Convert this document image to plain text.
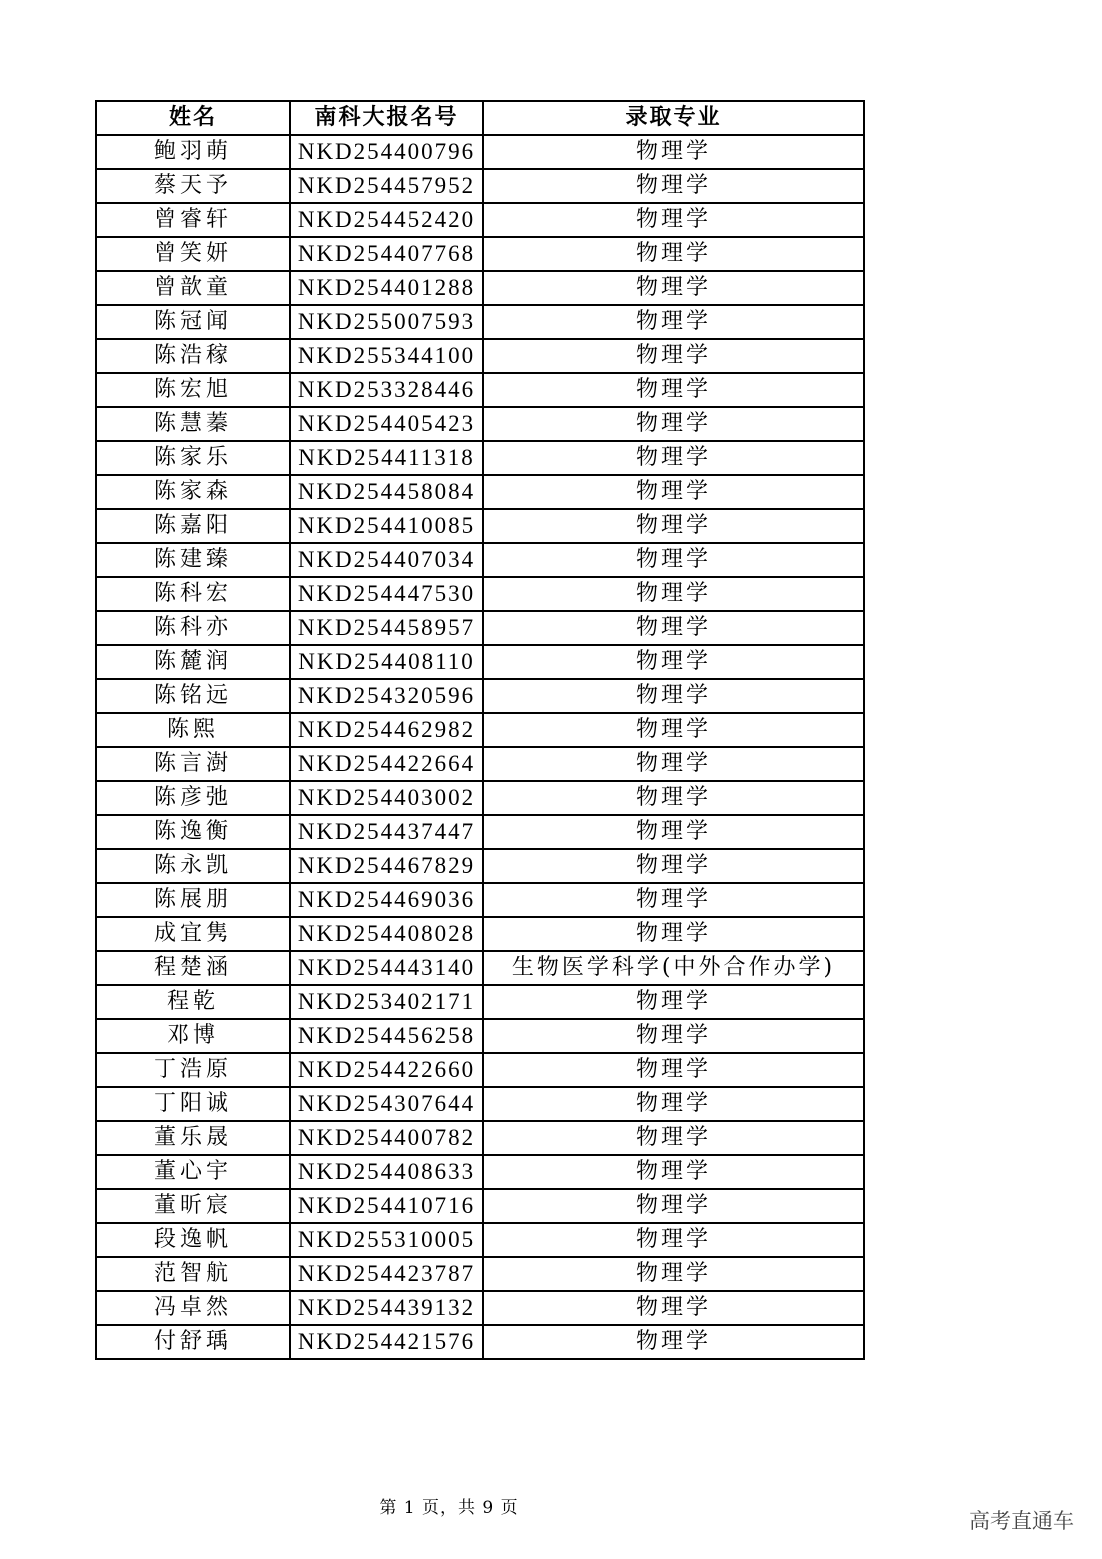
姓名	南科大报名号	录取专业
鲍羽萌	NKD254400796	物理学
蔡天予	NKD254457952	物理学
曾睿轩	NKD254452420	物理学
曾笑妍	NKD254407768	物理学
曾歆童	NKD254401288	物理学
陈冠闻	NKD255007593	物理学
陈浩稼	NKD255344100	物理学
陈宏旭	NKD253328446	物理学
陈慧蓁	NKD254405423	物理学
陈家乐	NKD254411318	物理学
陈家森	NKD254458084	物理学
陈嘉阳	NKD254410085	物理学
陈建臻	NKD254407034	物理学
陈科宏	NKD254447530	物理学
陈科亦	NKD254458957	物理学
陈麓润	NKD254408110	物理学
陈铭远	NKD254320596	物理学
陈熙	NKD254462982	物理学
陈言澍	NKD254422664	物理学
陈彦弛	NKD254403002	物理学
陈逸衡	NKD254437447	物理学
陈永凯	NKD254467829	物理学
陈展朋	NKD254469036	物理学
成宜隽	NKD254408028	物理学
程楚涵	NKD254443140	生物医学科学(中外合作办学)
程乾	NKD253402171	物理学
邓博	NKD254456258	物理学
丁浩原	NKD254422660	物理学
丁阳诚	NKD254307644	物理学
董乐晟	NKD254400782	物理学
董心宇	NKD254408633	物理学
董昕宸	NKD254410716	物理学
段逸帆	NKD255310005	物理学
范智航	NKD254423787	物理学
冯卓然	NKD254439132	物理学
付舒瑀	NKD254421576	物理学
第 1 页，共 9 页
高考直通车
